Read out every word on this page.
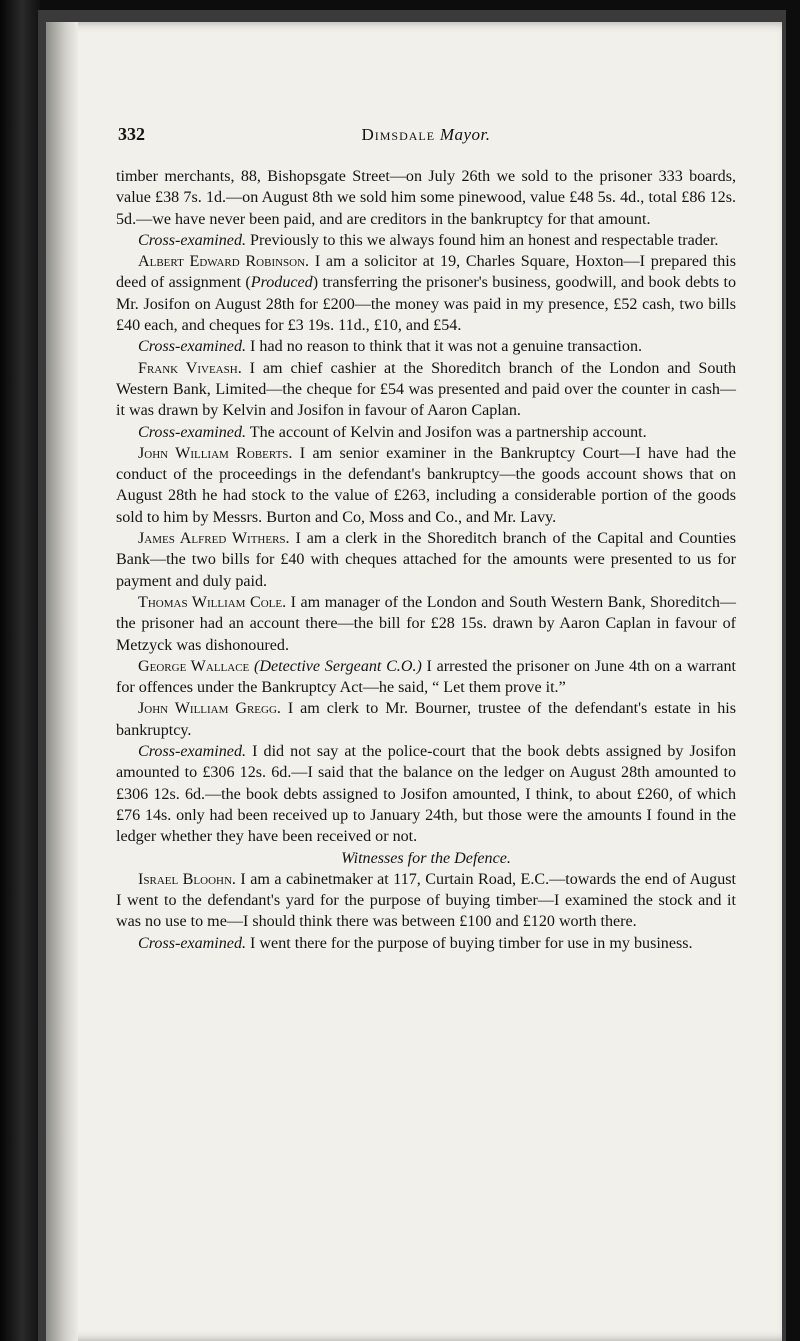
332	Dimsdale Mayor.

timber merchants, 88, Bishopsgate Street—on July 26th we sold to the prisoner 333 boards, value £38 7s. 1d.—on August 8th we sold him some pinewood, value £48 5s. 4d., total £86 12s. 5d.—we have never been paid, and are creditors in the bankruptcy for that amount.

Cross-examined. Previously to this we always found him an honest and respectable trader.

Albert Edward Robinson. I am a solicitor at 19, Charles Square, Hoxton—I prepared this deed of assignment (Produced) transferring the prisoner's business, goodwill, and book debts to Mr. Josifon on August 28th for £200—the money was paid in my presence, £52 cash, two bills £40 each, and cheques for £3 19s. 11d., £10, and £54.

Cross-examined. I had no reason to think that it was not a genuine transaction.

Frank Viveash. I am chief cashier at the Shoreditch branch of the London and South Western Bank, Limited—the cheque for £54 was presented and paid over the counter in cash—it was drawn by Kelvin and Josifon in favour of Aaron Caplan.

Cross-examined. The account of Kelvin and Josifon was a partnership account.

John William Roberts. I am senior examiner in the Bankruptcy Court—I have had the conduct of the proceedings in the defendant's bankruptcy—the goods account shows that on August 28th he had stock to the value of £263, including a considerable portion of the goods sold to him by Messrs. Burton and Co, Moss and Co., and Mr. Lavy.

James Alfred Withers. I am a clerk in the Shoreditch branch of the Capital and Counties Bank—the two bills for £40 with cheques attached for the amounts were presented to us for payment and duly paid.

Thomas William Cole. I am manager of the London and South Western Bank, Shoreditch—the prisoner had an account there—the bill for £28 15s. drawn by Aaron Caplan in favour of Metzyck was dishonoured.

George Wallace (Detective Sergeant C.O.) I arrested the prisoner on June 4th on a warrant for offences under the Bankruptcy Act—he said, “ Let them prove it.”

John William Gregg. I am clerk to Mr. Bourner, trustee of the defendant's estate in his bankruptcy.

Cross-examined. I did not say at the police-court that the book debts assigned by Josifon amounted to £306 12s. 6d.—I said that the balance on the ledger on August 28th amounted to £306 12s. 6d.—the book debts assigned to Josifon amounted, I think, to about £260, of which £76 14s. only had been received up to January 24th, but those were the amounts I found in the ledger whether they have been received or not.

Witnesses for the Defence.

Israel Bloohn. I am a cabinetmaker at 117, Curtain Road, E.C.—towards the end of August I went to the defendant's yard for the purpose of buying timber—I examined the stock and it was no use to me—I should think there was between £100 and £120 worth there.

Cross-examined. I went there for the purpose of buying timber for use in my business.
